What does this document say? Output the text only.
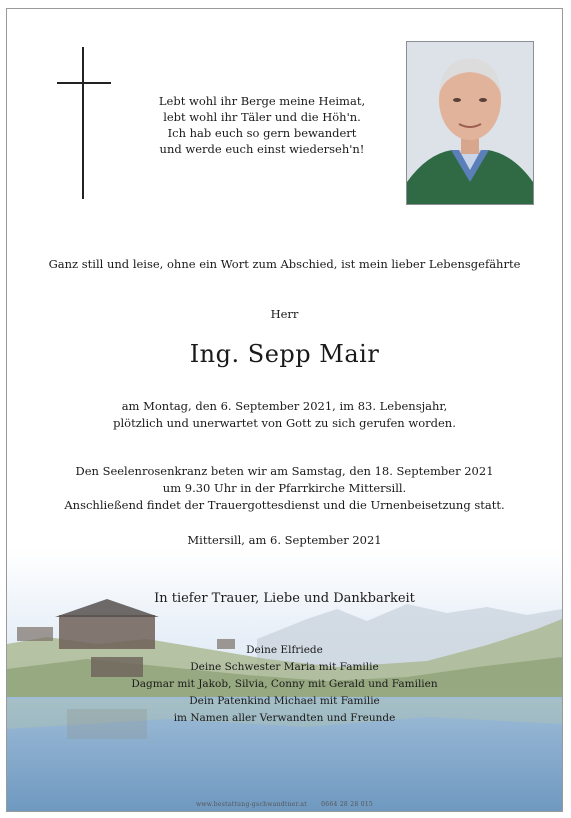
Lebt wohl ihr Berge meine Heimat,
lebt wohl ihr Täler und die Höh'n.
Ich hab euch so gern bewandert
und werde euch einst wiederseh'n!
Ganz still und leise, ohne ein Wort zum Abschied, ist mein lieber Lebensgefährte
Herr
Ing. Sepp Mair
am Montag, den 6. September 2021, im 83. Lebensjahr,
plötzlich und unerwartet von Gott zu sich gerufen worden.
Den Seelenrosenkranz beten wir am Samstag, den 18. September 2021
um 9.30 Uhr in der Pfarrkirche Mittersill.
Anschließend findet der Trauergottesdienst und die Urnenbeisetzung statt.
Mittersill, am 6. September 2021
In tiefer Trauer, Liebe und Dankbarkeit
Deine Elfriede
Deine Schwester Maria mit Familie
Dagmar mit Jakob, Silvia, Conny mit Gerald und Familien
Dein Patenkind Michael mit Familie
im Namen aller Verwandten und Freunde
www.bestattung-gschwandtner.at 0664 28 28 015
